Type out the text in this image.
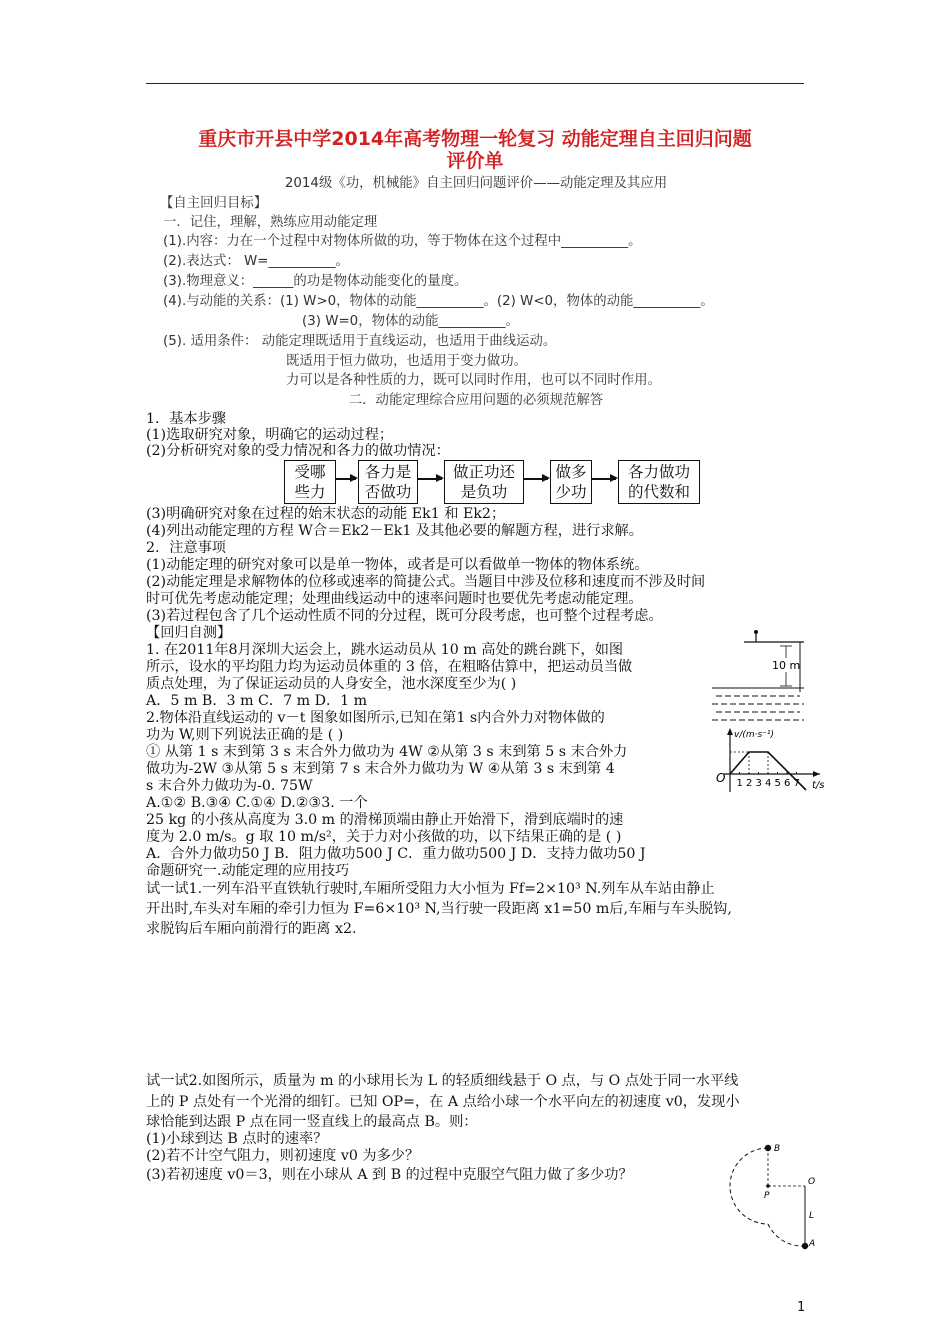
重庆市开县中学2014年高考物理一轮复习 动能定理自主回归问题
评价单
2014级《功，机械能》自主回归问题评价——动能定理及其应用
【自主回归目标】
一．记住，理解，熟练应用动能定理
(1).内容：力在一个过程中对物体所做的功，等于物体在这个过程中__________。
(2).表达式： W=__________。
(3).物理意义：______的功是物体动能变化的量度。
(4).与动能的关系：(1) W>0，物体的动能__________。(2) W<0，物体的动能__________。
(3) W=0，物体的动能__________。
(5). 适用条件： 动能定理既适用于直线运动，也适用于曲线运动。
既适用于恒力做功，也适用于变力做功。
力可以是各种性质的力，既可以同时作用，也可以不同时作用。
二．动能定理综合应用问题的必须规范解答
1．基本步骤
(1)选取研究对象，明确它的运动过程；
(2)分析研究对象的受力情况和各力的做功情况：
受哪
些力
各力是
否做功
做正功还
是负功
做多
少功
各力做功
的代数和
(3)明确研究对象在过程的始末状态的动能 Ek1 和 Ek2；
(4)列出动能定理的方程 W合＝Ek2－Ek1 及其他必要的解题方程，进行求解。
2．注意事项
(1)动能定理的研究对象可以是单一物体，或者是可以看做单一物体的物体系统。
(2)动能定理是求解物体的位移或速率的简捷公式。当题目中涉及位移和速度而不涉及时间
时可优先考虑动能定理；处理曲线运动中的速率问题时也要优先考虑动能定理。
(3)若过程包含了几个运动性质不同的分过程，既可分段考虑，也可整个过程考虑。
【回归自测】
1. 在2011年8月深圳大运会上，跳水运动员从 10 m 高处的跳台跳下，如图
所示，设水的平均阻力均为运动员体重的 3 倍，在粗略估算中，把运动员当做
质点处理，为了保证运动员的人身安全，池水深度至少为( )
A．5 m B．3 m C．7 m D．1 m
2.物体沿直线运动的 v－t 图象如图所示,已知在第1 s内合外力对物体做的
功为 W,则下列说法正确的是 ( )
① 从第 1 s 末到第 3 s 末合外力做功为 4W ②从第 3 s 末到第 5 s 末合外力
做功为-2W ③从第 5 s 末到第 7 s 末合外力做功为 W ④从第 3 s 末到第 4
s 末合外力做功为-0. 75W
A.①② B.③④ C.①④ D.②③3. 一个
25 kg 的小孩从高度为 3.0 m 的滑梯顶端由静止开始滑下，滑到底端时的速
度为 2.0 m/s。g 取 10 m/s²，关于力对小孩做的功，以下结果正确的是 ( )
A．合外力做功50 J B．阻力做功500 J C．重力做功500 J D．支持力做功50 J
命题研究一.动能定理的应用技巧
试一试1.一列车沿平直铁轨行驶时,车厢所受阻力大小恒为 Ff=2×10³ N.列车从车站由静止
开出时,车头对车厢的牵引力恒为 F=6×10³ N,当行驶一段距离 x1=50 m后,车厢与车头脱钩,
求脱钩后车厢向前滑行的距离 x2.
试一试2.如图所示，质量为 m 的小球用长为 L 的轻质细线悬于 O 点，与 O 点处于同一水平线
上的 P 点处有一个光滑的细钉。已知 OP=，在 A 点给小球一个水平向左的初速度 v0，发现小
球恰能到达跟 P 点在同一竖直线上的最高点 B。则：
(1)小球到达 B 点时的速率？
(2)若不计空气阻力，则初速度 v0 为多少？
(3)若初速度 v0＝3，则在小球从 A 到 B 的过程中克服空气阻力做了多少功？
10 m
v/(m·s⁻¹)
t/s
O 1 2 3 4 5 6 7
B
O
P
L
A
1
